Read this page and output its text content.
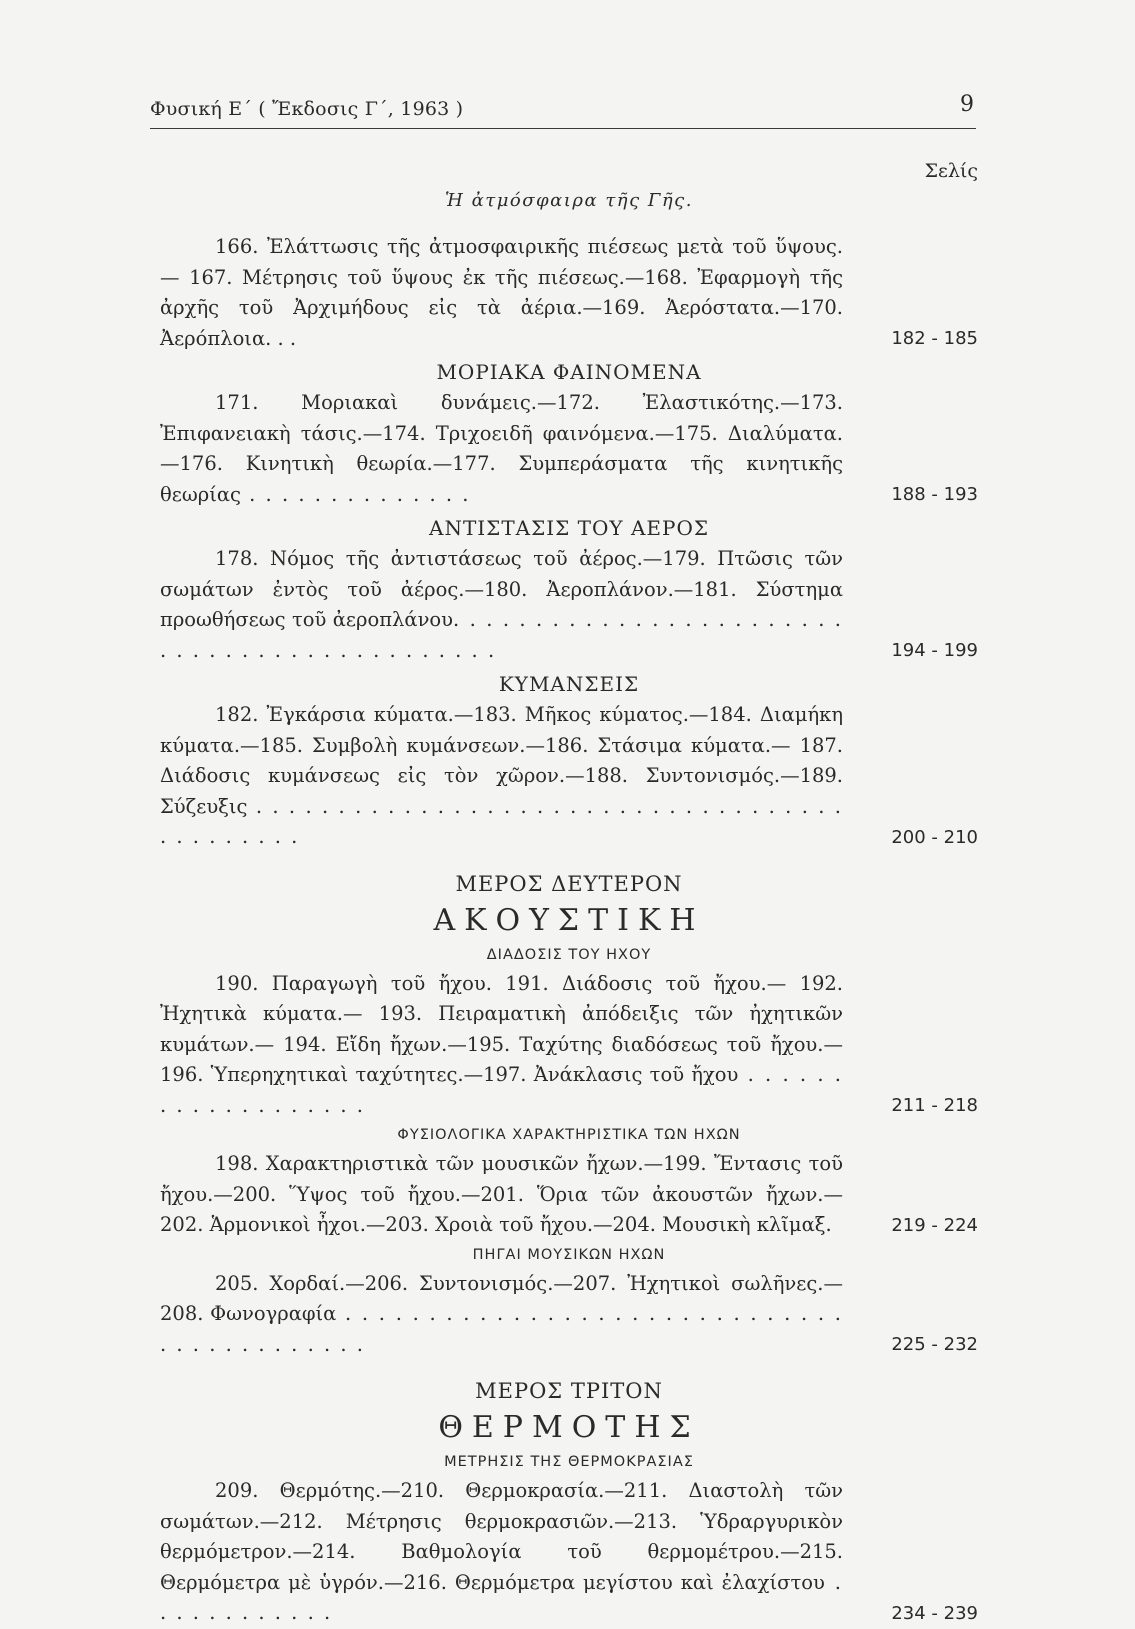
Φυσική Ε΄ ( Ἔκδοσις Γ΄, 1963 )	9
Σελίς
Ἡ ἀτμόσφαιρα τῆς Γῆς.
166. Ἐλάττωσις τῆς ἀτμοσφαιρικῆς πιέσεως μετὰ τοῦ ὕψους.— 167. Μέτρησις τοῦ ὕψους ἐκ τῆς πιέσεως.—168. Ἐφαρμογὴ τῆς ἀρχῆς τοῦ Ἀρχιμήδους εἰς τὰ ἀέρια.—169. Ἀερόστατα.—170. Ἀερόπλοια. . .	182 - 185
ΜΟΡΙΑΚΑ ΦΑΙΝΟΜΕΝΑ
171. Μοριακαὶ δυνάμεις.—172. Ἐλαστικότης.—173. Ἐπιφανειακὴ τάσις.—174. Τριχοειδῆ φαινόμενα.—175. Διαλύματα.—176. Κινητικὴ θεωρία.—177. Συμπεράσματα τῆς κινητικῆς θεωρίας . . . . . . . . . . . . . .	188 - 193
ΑΝΤΙΣΤΑΣΙΣ ΤΟΥ ΑΕΡΟΣ
178. Νόμος τῆς ἀντιστάσεως τοῦ ἀέρος.—179. Πτῶσις τῶν σωμάτων ἐντὸς τοῦ ἀέρος.—180. Ἀεροπλάνον.—181. Σύστημα προωθήσεως τοῦ ἀεροπλάνου. . . . . . . . . . . . . . . . . . . . . . . . . . . . . . . . . . . . . . . . . . . . .	194 - 199
ΚΥΜΑΝΣΕΙΣ
182. Ἐγκάρσια κύματα.—183. Μῆκος κύματος.—184. Διαμήκη κύματα.—185. Συμβολὴ κυμάνσεων.—186. Στάσιμα κύματα.— 187. Διάδοσις κυμάνσεως εἰς τὸν χῶρον.—188. Συντονισμός.—189. Σύζευξις . . . . . . . . . . . . . . . . . . . . . . . . . . . . . . . . . . . . . . . . . . . . .	200 - 210
ΜΕΡΟΣ ΔΕΥΤΕΡΟΝ
ΑΚΟΥΣΤΙΚΗ
ΔΙΑΔΟΣΙΣ ΤΟΥ ΗΧΟΥ
190. Παραγωγὴ τοῦ ἤχου. 191. Διάδοσις τοῦ ἤχου.— 192. Ἠχητικὰ κύματα.— 193. Πειραματικὴ ἀπόδειξις τῶν ἠχητικῶν κυμάτων.— 194. Εἴδη ἤχων.—195. Ταχύτης διαδόσεως τοῦ ἤχου.—196. Ὑπερηχητικαὶ ταχύτητες.—197. Ἀνάκλασις τοῦ ἤχου . . . . . . . . . . . . . . . . . . .	211 - 218
ΦΥΣΙΟΛΟΓΙΚΑ ΧΑΡΑΚΤΗΡΙΣΤΙΚΑ ΤΩΝ ΗΧΩΝ
198. Χαρακτηριστικὰ τῶν μουσικῶν ἤχων.—199. Ἔντασις τοῦ ἤχου.—200. Ὕψος τοῦ ἤχου.—201. Ὅρια τῶν ἀκουστῶν ἤχων.— 202. Ἁρμονικοὶ ἦχοι.—203. Χροιὰ τοῦ ἤχου.—204. Μουσικὴ κλῖμαξ.	219 - 224
ΠΗΓΑΙ ΜΟΥΣΙΚΩΝ ΗΧΩΝ
205. Χορδαί.—206. Συντονισμός.—207. Ἠχητικοὶ σωλῆνες.— 208. Φωνογραφία . . . . . . . . . . . . . . . . . . . . . . . . . . . . . . . . . . . . . . . . . . .	225 - 232
ΜΕΡΟΣ ΤΡΙΤΟΝ
ΘΕΡΜΟΤΗΣ
ΜΕΤΡΗΣΙΣ ΤΗΣ ΘΕΡΜΟΚΡΑΣΙΑΣ
209. Θερμότης.—210. Θερμοκρασία.—211. Διαστολὴ τῶν σωμάτων.—212. Μέτρησις θερμοκρασιῶν.—213. Ὑδραργυρικὸν θερμόμετρον.—214. Βαθμολογία τοῦ θερμομέτρου.—215. Θερμόμετρα μὲ ὑγρόν.—216. Θερμόμετρα μεγίστου καὶ ἐλαχίστου . . . . . . . . . . . .	234 - 239
